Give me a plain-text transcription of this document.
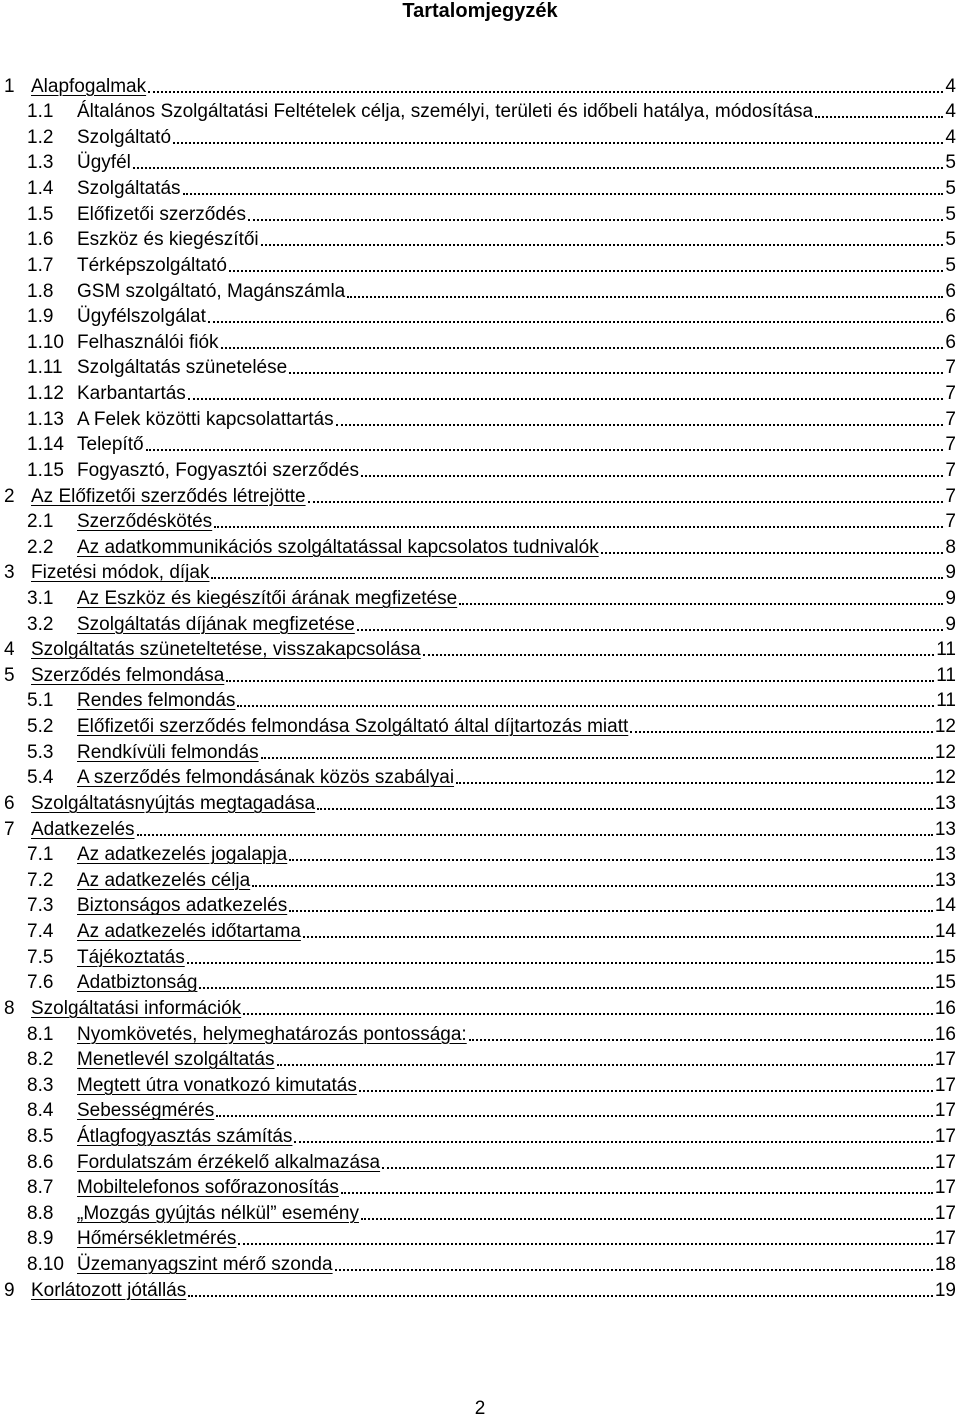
Tartalomjegyzék
1 Alapfogalmak	4
1.1	Általános Szolgáltatási Feltételek célja, személyi, területi és időbeli hatálya, módosítása	4
1.2	Szolgáltató	4
1.3	Ügyfél	5
1.4	Szolgáltatás	5
1.5	Előfizetői szerződés	5
1.6	Eszköz és kiegészítői	5
1.7	Térképszolgáltató	5
1.8	GSM szolgáltató, Magánszámla	6
1.9	Ügyfélszolgálat	6
1.10 Felhasználói fiók	6
1.11 Szolgáltatás szünetelése	7
1.12 Karbantartás	7
1.13 A Felek közötti kapcsolattartás	7
1.14 Telepítő	7
1.15 Fogyasztó, Fogyasztói szerződés	7
2 Az Előfizetői szerződés létrejötte	7
2.1	Szerződéskötés	7
2.2	Az adatkommunikációs szolgáltatással kapcsolatos tudnivalók	8
3 Fizetési módok, díjak	9
3.1	Az Eszköz és kiegészítői árának megfizetése	9
3.2	Szolgáltatás díjának megfizetése	9
4 Szolgáltatás szüneteltetése, visszakapcsolása	11
5 Szerződés felmondása	11
5.1	Rendes felmondás	11
5.2	Előfizetői szerződés felmondása Szolgáltató által díjtartozás miatt	12
5.3	Rendkívüli felmondás	12
5.4	A szerződés felmondásának közös szabályai	12
6 Szolgáltatásnyújtás megtagadása	13
7 Adatkezelés	13
7.1	Az adatkezelés jogalapja	13
7.2	Az adatkezelés célja	13
7.3	Biztonságos adatkezelés	14
7.4	Az adatkezelés időtartama	14
7.5	Tájékoztatás	15
7.6	Adatbiztonság	15
8 Szolgáltatási információk	16
8.1	Nyomkövetés, helymeghatározás pontossága:	16
8.2	Menetlevél szolgáltatás	17
8.3	Megtett útra vonatkozó kimutatás	17
8.4	Sebességmérés	17
8.5	Átlagfogyasztás számítás	17
8.6	Fordulatszám érzékelő alkalmazása	17
8.7	Mobiltelefonos sofőrazonosítás	17
8.8	„Mozgás gyújtás nélkül” esemény	17
8.9	Hőmérsékletmérés	17
8.10 Üzemanyagszint mérő szonda	18
9 Korlátozott jótállás	19
2
